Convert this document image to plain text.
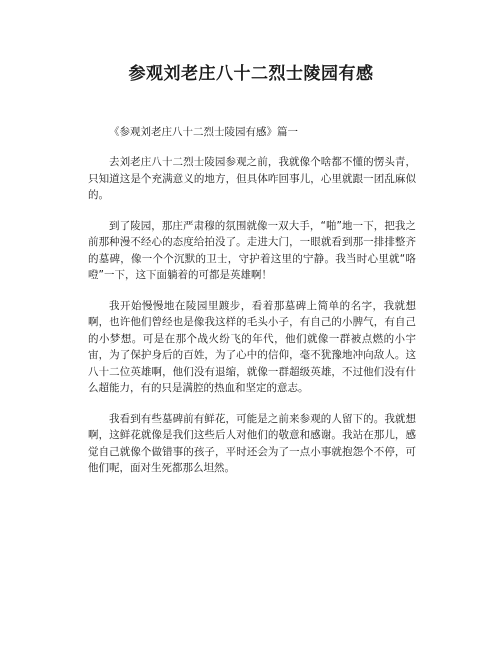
参观刘老庄八十二烈士陵园有感

《参观刘老庄八十二烈士陵园有感》篇一

去刘老庄八十二烈士陵园参观之前，我就像个啥都不懂的愣头青，只知道这是个充满意义的地方，但具体咋回事儿，心里就跟一团乱麻似的。

到了陵园，那庄严肃穆的氛围就像一双大手，“啪”地一下，把我之前那种漫不经心的态度给拍没了。走进大门，一眼就看到那一排排整齐的墓碑，像一个个沉默的卫士，守护着这里的宁静。我当时心里就“咯噔”一下，这下面躺着的可都是英雄啊！

我开始慢慢地在陵园里踱步，看着那墓碑上简单的名字，我就想啊，也许他们曾经也是像我这样的毛头小子，有自己的小脾气，有自己的小梦想。可是在那个战火纷飞的年代，他们就像一群被点燃的小宇宙，为了保护身后的百姓，为了心中的信仰，毫不犹豫地冲向敌人。这八十二位英雄啊，他们没有退缩，就像一群超级英雄，不过他们没有什么超能力，有的只是满腔的热血和坚定的意志。

我看到有些墓碑前有鲜花，可能是之前来参观的人留下的。我就想啊，这鲜花就像是我们这些后人对他们的敬意和感谢。我站在那儿，感觉自己就像个做错事的孩子，平时还会为了一点小事就抱怨个不停，可他们呢，面对生死都那么坦然。
